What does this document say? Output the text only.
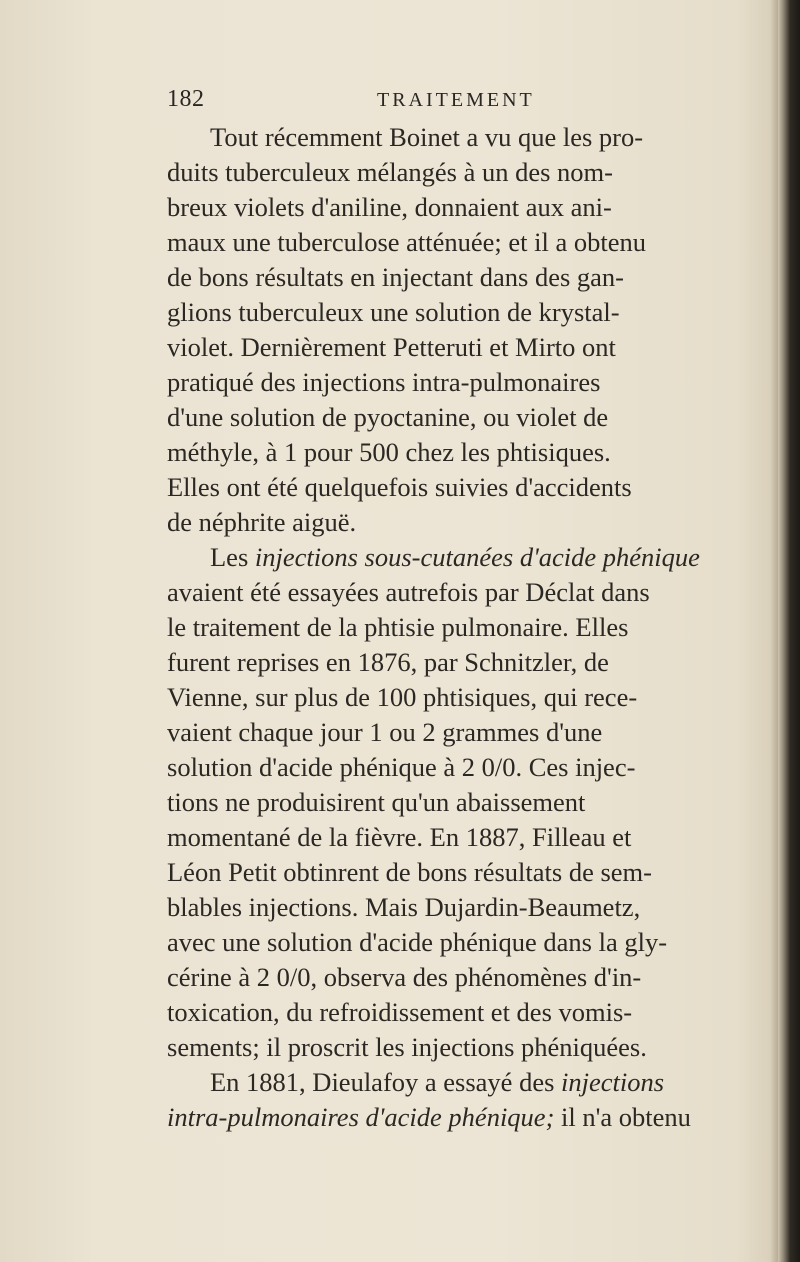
182	TRAITEMENT
Tout récemment Boinet a vu que les pro-
duits tuberculeux mélangés à un des nom-
breux violets d'aniline, donnaient aux ani-
maux une tuberculose atténuée; et il a obtenu
de bons résultats en injectant dans des gan-
glions tuberculeux une solution de krystal-
violet. Dernièrement Petteruti et Mirto ont
pratiqué des injections intra-pulmonaires
d'une solution de pyoctanine, ou violet de
méthyle, à 1 pour 500 chez les phtisiques.
Elles ont été quelquefois suivies d'accidents
de néphrite aiguë.
Les injections sous-cutanées d'acide phénique
avaient été essayées autrefois par Déclat dans
le traitement de la phtisie pulmonaire. Elles
furent reprises en 1876, par Schnitzler, de
Vienne, sur plus de 100 phtisiques, qui rece-
vaient chaque jour 1 ou 2 grammes d'une
solution d'acide phénique à 2 0/0. Ces injec-
tions ne produisirent qu'un abaissement
momentané de la fièvre. En 1887, Filleau et
Léon Petit obtinrent de bons résultats de sem-
blables injections. Mais Dujardin-Beaumetz,
avec une solution d'acide phénique dans la gly-
cérine à 2 0/0, observa des phénomènes d'in-
toxication, du refroidissement et des vomis-
sements; il proscrit les injections phéniquées.
En 1881, Dieulafoy a essayé des injections
intra-pulmonaires d'acide phénique; il n'a obtenu
